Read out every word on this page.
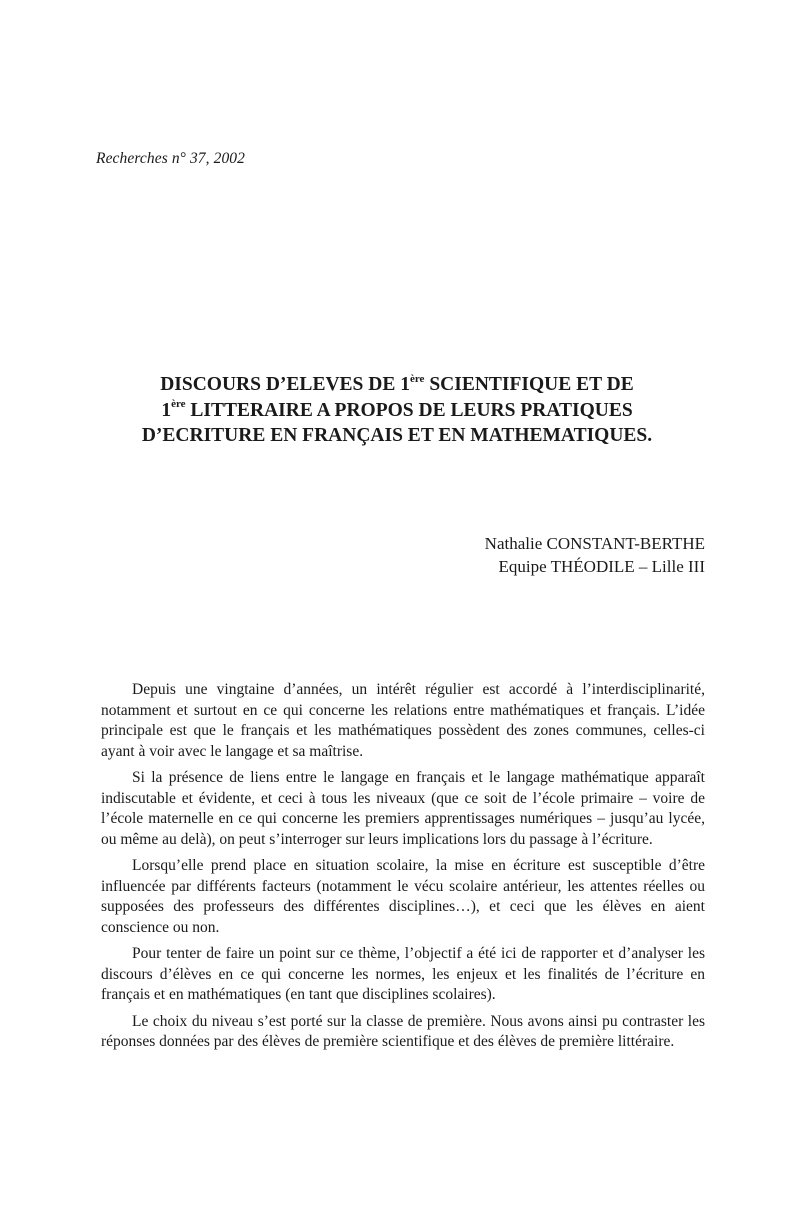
Recherches n° 37, 2002
DISCOURS D’ELEVES DE 1ère SCIENTIFIQUE ET DE
1ère LITTERAIRE A PROPOS DE LEURS PRATIQUES
D’ECRITURE EN FRANÇAIS ET EN MATHEMATIQUES.
Nathalie CONSTANT-BERTHE
Equipe THÉODILE – Lille III

Depuis une vingtaine d’années, un intérêt régulier est accordé à l’interdisciplinarité, notamment et surtout en ce qui concerne les relations entre mathématiques et français. L’idée principale est que le français et les mathématiques possèdent des zones communes, celles-ci ayant à voir avec le langage et sa maîtrise.

Si la présence de liens entre le langage en français et le langage mathématique apparaît indiscutable et évidente, et ceci à tous les niveaux (que ce soit de l’école primaire – voire de l’école maternelle en ce qui concerne les premiers apprentissages numériques – jusqu’au lycée, ou même au delà), on peut s’interroger sur leurs implications lors du passage à l’écriture.

Lorsqu’elle prend place en situation scolaire, la mise en écriture est susceptible d’être influencée par différents facteurs (notamment le vécu scolaire antérieur, les attentes réelles ou supposées des professeurs des différentes disciplines…), et ceci que les élèves en aient conscience ou non.

Pour tenter de faire un point sur ce thème, l’objectif a été ici de rapporter et d’analyser les discours d’élèves en ce qui concerne les normes, les enjeux et les finalités de l’écriture en français et en mathématiques (en tant que disciplines scolaires).

Le choix du niveau s’est porté sur la classe de première. Nous avons ainsi pu contraster les réponses données par des élèves de première scientifique et des élèves de première littéraire.
